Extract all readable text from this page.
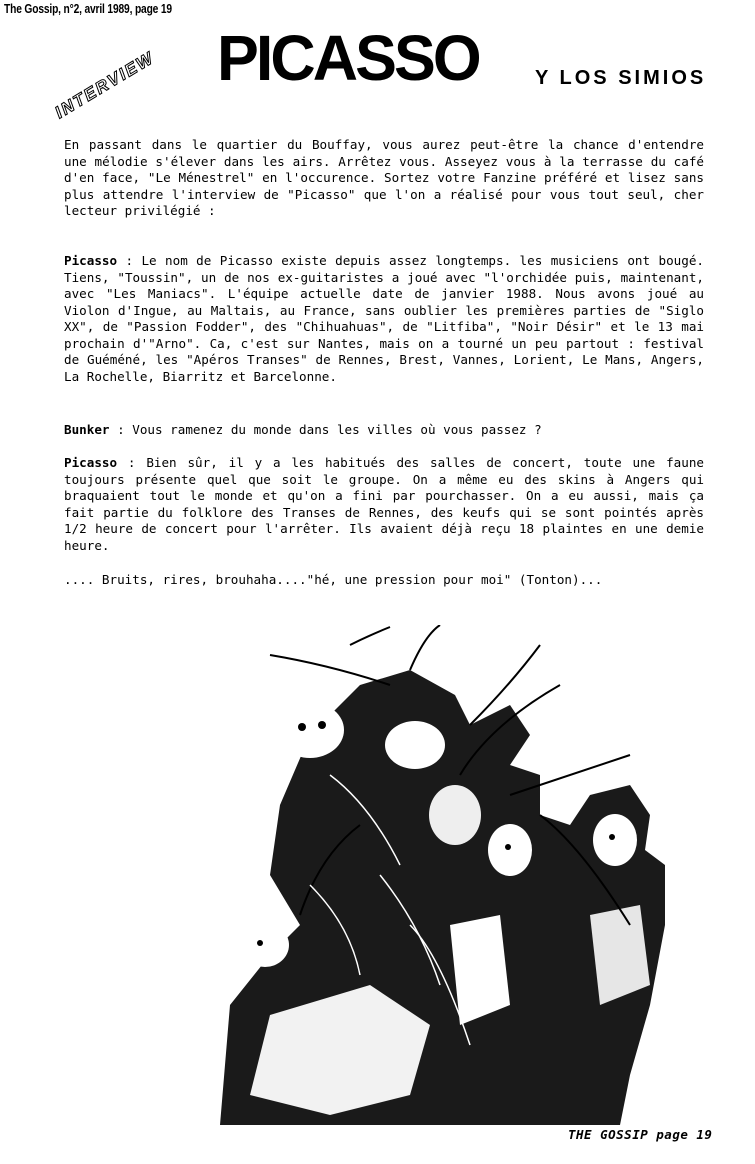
The Gossip, n°2, avril 1989, page 19
INTERVIEW PICASSO	Y LOS SIMIOS

En passant dans le quartier du Bouffay, vous aurez peut-être la chance d'entendre une mélodie s'élever dans les airs. Arrêtez vous. Asseyez vous à la terrasse du café d'en face, "Le Ménestrel" en l'occurence. Sortez votre Fanzine préféré et lisez sans plus attendre l'interview de "Picasso" que l'on a réalisé pour vous tout seul, cher lecteur privilégié :

Picasso : Le nom de Picasso existe depuis assez longtemps. les musiciens ont bougé. Tiens, "Toussin", un de nos ex-guitaristes a joué avec "l'orchidée puis, maintenant, avec "Les Maniacs". L'équipe actuelle date de janvier 1988. Nous avons joué au Violon d'Ingue, au Maltais, au France, sans oublier les premières parties de "Siglo XX", de "Passion Fodder", des "Chihuahuas", de "Litfiba", "Noir Désir" et le 13 mai prochain d'"Arno". Ca, c'est sur Nantes, mais on a tourné un peu partout : festival de Guéméné, les "Apéros Transes" de Rennes, Brest, Vannes, Lorient, Le Mans, Angers, La Rochelle, Biarritz et Barcelonne.

Bunker : Vous ramenez du monde dans les villes où vous passez ?

Picasso : Bien sûr, il y a les habitués des salles de concert, toute une faune toujours présente quel que soit le groupe. On a même eu des skins à Angers qui braquaient tout le monde et qu'on a fini par pourchasser. On a eu aussi, mais ça fait partie du folklore des Transes de Rennes, des keufs qui se sont pointés après 1/2 heure de concert pour l'arrêter. Ils avaient déjà reçu 18 plaintes en une demie heure.

.... Bruits, rires, brouhaha...."hé, une pression pour moi" (Tonton)...

THE GOSSIP page 19
